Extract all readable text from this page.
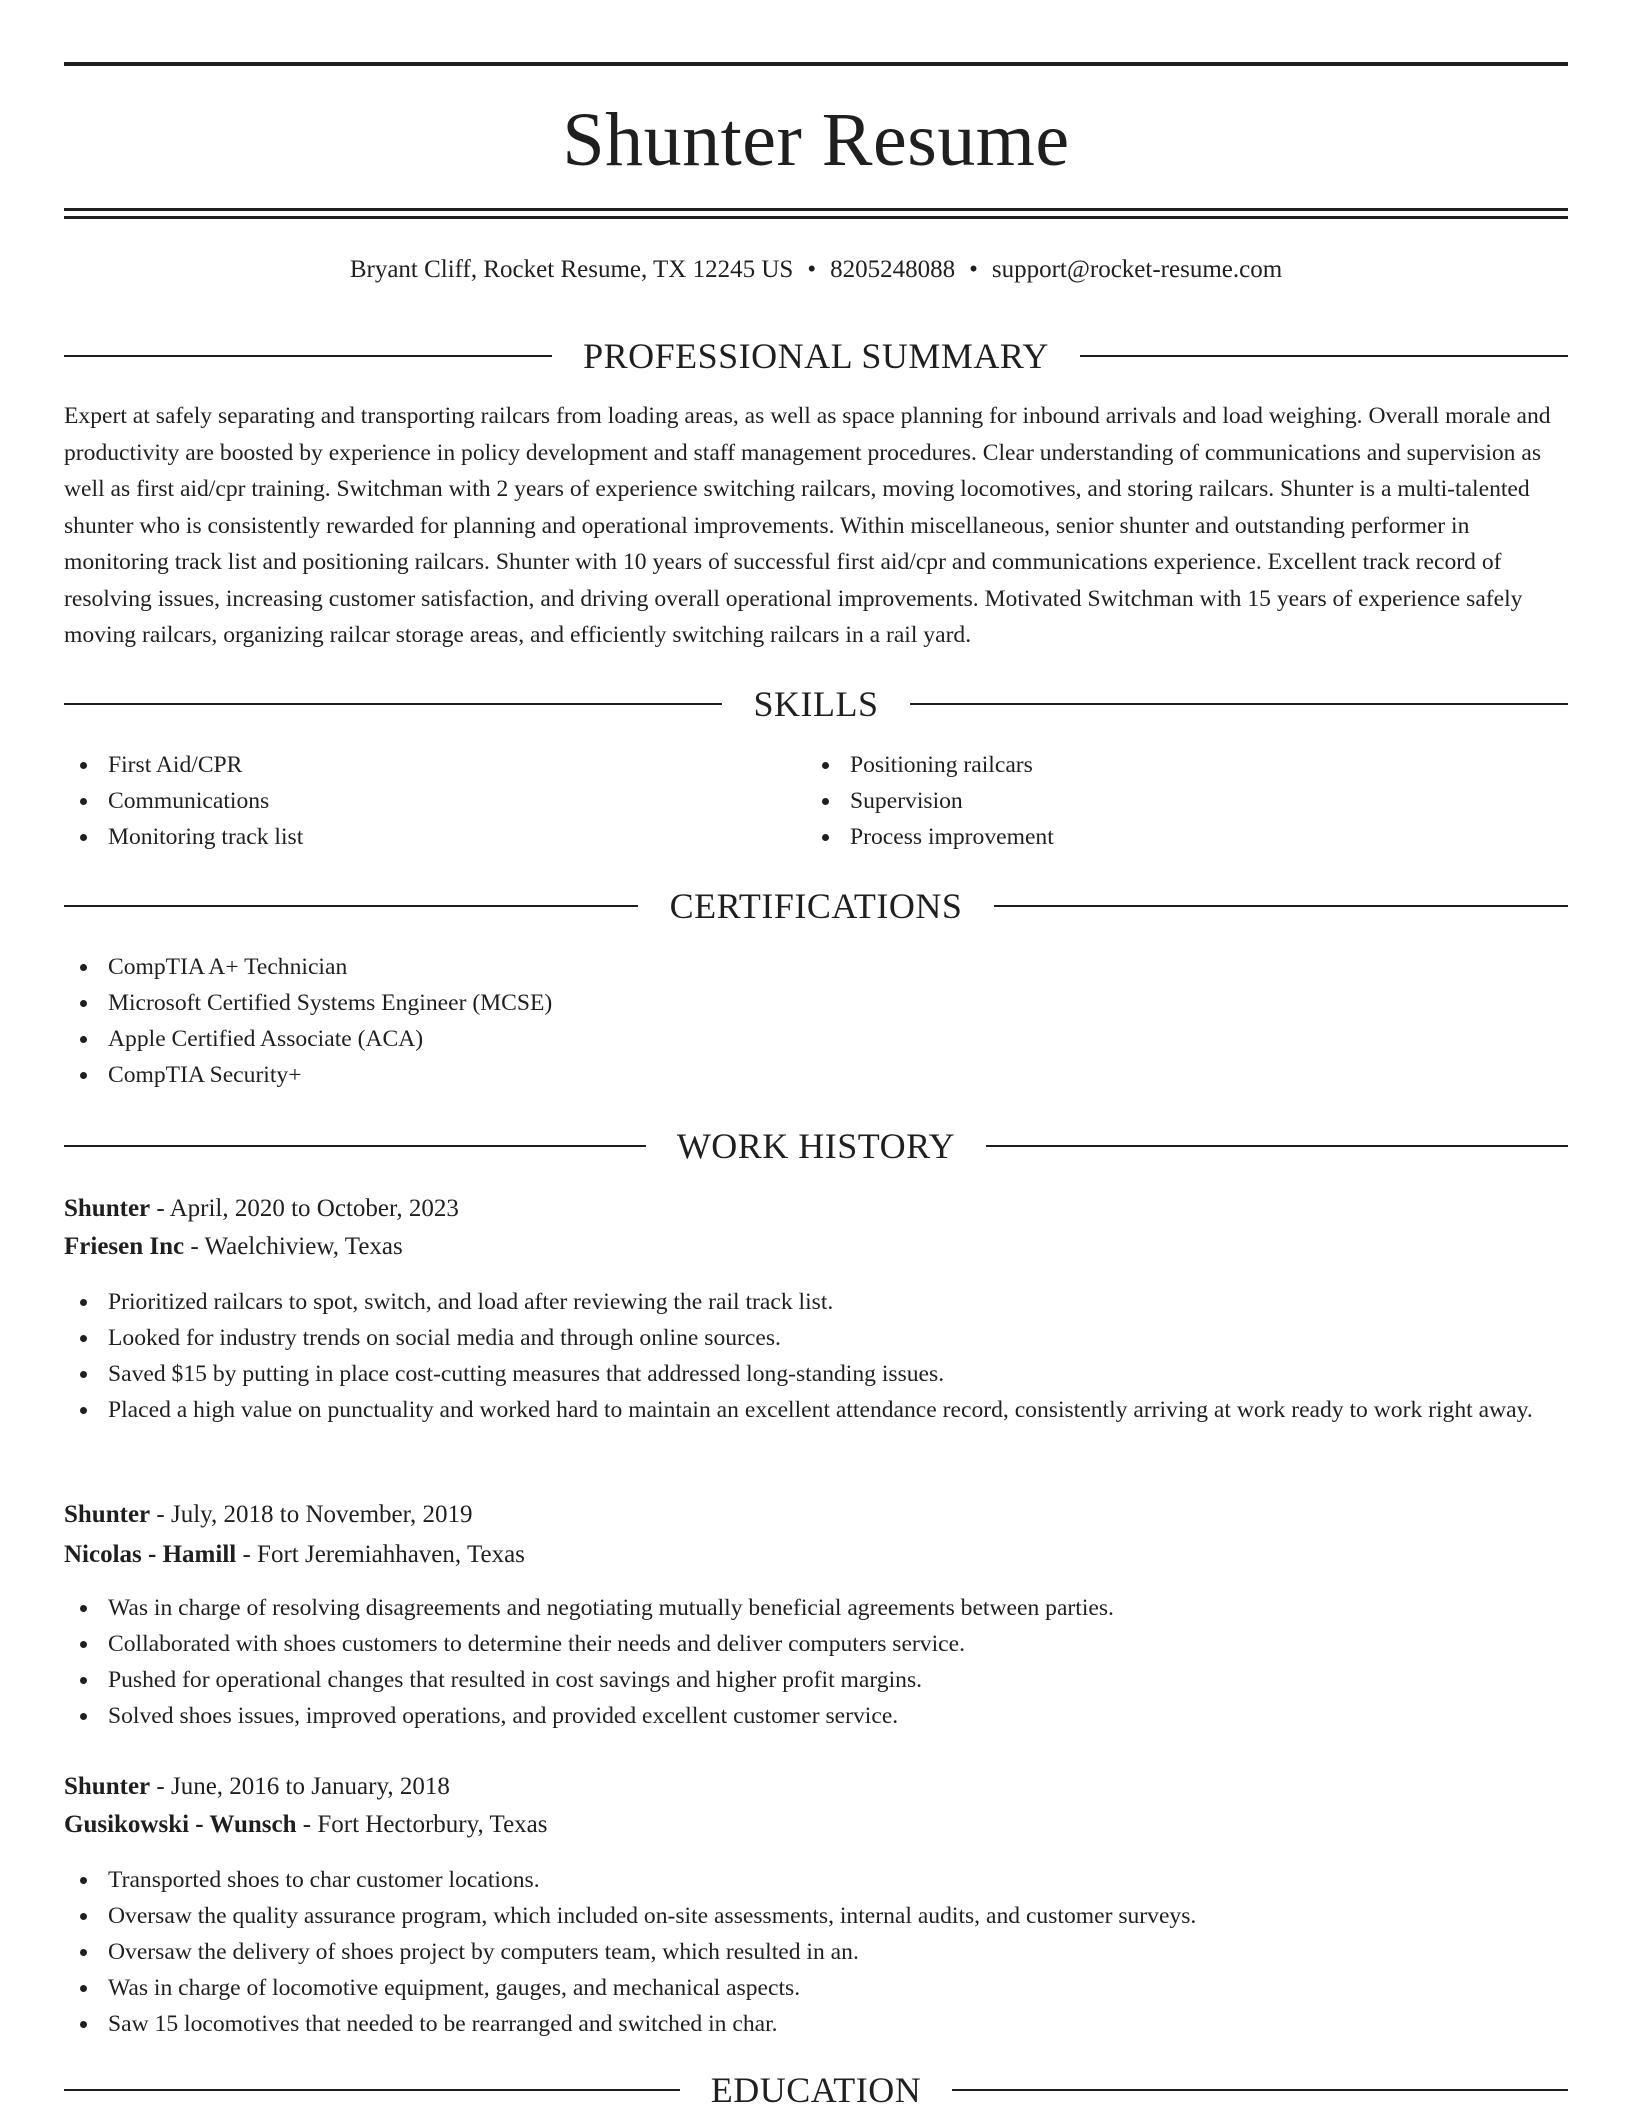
Shunter Resume
Bryant Cliff, Rocket Resume, TX 12245 US • 8205248088 • support@rocket-resume.com
PROFESSIONAL SUMMARY

Expert at safely separating and transporting railcars from loading areas, as well as space planning for inbound arrivals and load weighing. Overall morale and productivity are boosted by experience in policy development and staff management procedures. Clear understanding of communications and supervision as well as first aid/cpr training. Switchman with 2 years of experience switching railcars, moving locomotives, and storing railcars. Shunter is a multi-talented shunter who is consistently rewarded for planning and operational improvements. Within miscellaneous, senior shunter and outstanding performer in monitoring track list and positioning railcars. Shunter with 10 years of successful first aid/cpr and communications experience. Excellent track record of resolving issues, increasing customer satisfaction, and driving overall operational improvements. Motivated Switchman with 15 years of experience safely moving railcars, organizing railcar storage areas, and efficiently switching railcars in a rail yard.

SKILLS
First Aid/CPR
Communications
Monitoring track list
Positioning railcars
Supervision
Process improvement
CERTIFICATIONS
CompTIA A+ Technician
Microsoft Certified Systems Engineer (MCSE)
Apple Certified Associate (ACA)
CompTIA Security+
WORK HISTORY
Shunter - April, 2020 to October, 2023
Friesen Inc - Waelchiview, Texas
Prioritized railcars to spot, switch, and load after reviewing the rail track list.
Looked for industry trends on social media and through online sources.
Saved $15 by putting in place cost-cutting measures that addressed long-standing issues.
Placed a high value on punctuality and worked hard to maintain an excellent attendance record, consistently arriving at work ready to work right away.
Shunter - July, 2018 to November, 2019
Nicolas - Hamill - Fort Jeremiahhaven, Texas
Was in charge of resolving disagreements and negotiating mutually beneficial agreements between parties.
Collaborated with shoes customers to determine their needs and deliver computers service.
Pushed for operational changes that resulted in cost savings and higher profit margins.
Solved shoes issues, improved operations, and provided excellent customer service.
Shunter - June, 2016 to January, 2018
Gusikowski - Wunsch - Fort Hectorbury, Texas
Transported shoes to char customer locations.
Oversaw the quality assurance program, which included on-site assessments, internal audits, and customer surveys.
Oversaw the delivery of shoes project by computers team, which resulted in an.
Was in charge of locomotive equipment, gauges, and mechanical aspects.
Saw 15 locomotives that needed to be rearranged and switched in char.
EDUCATION
